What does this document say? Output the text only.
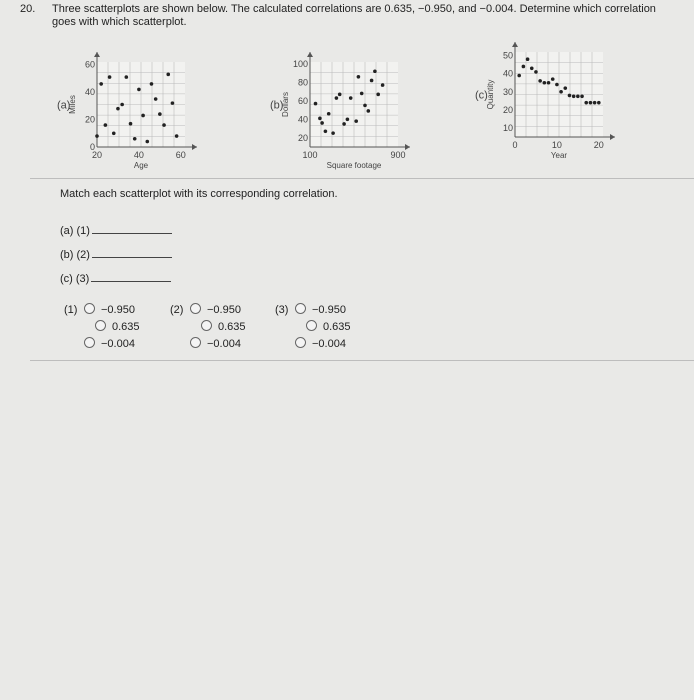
20. Three scatterplots are shown below. The calculated correlations are 0.635, −0.950, and −0.004. Determine which correlation goes with which scatterplot.
20	40	60
0
20
40
60
Age
Miles
(a)
100	900
20
40
60
80
100
Square footage
Dollars
(b)
0	10	20
10
20
30
40
50
Year
Quantity
(c)
Match each scatterplot with its corresponding correlation.
(a) (1)
(b) (2)
(c) (3)
(1) −0.950
0.635
−0.004
(2) −0.950
0.635
−0.004
(3) −0.950
0.635
−0.004
